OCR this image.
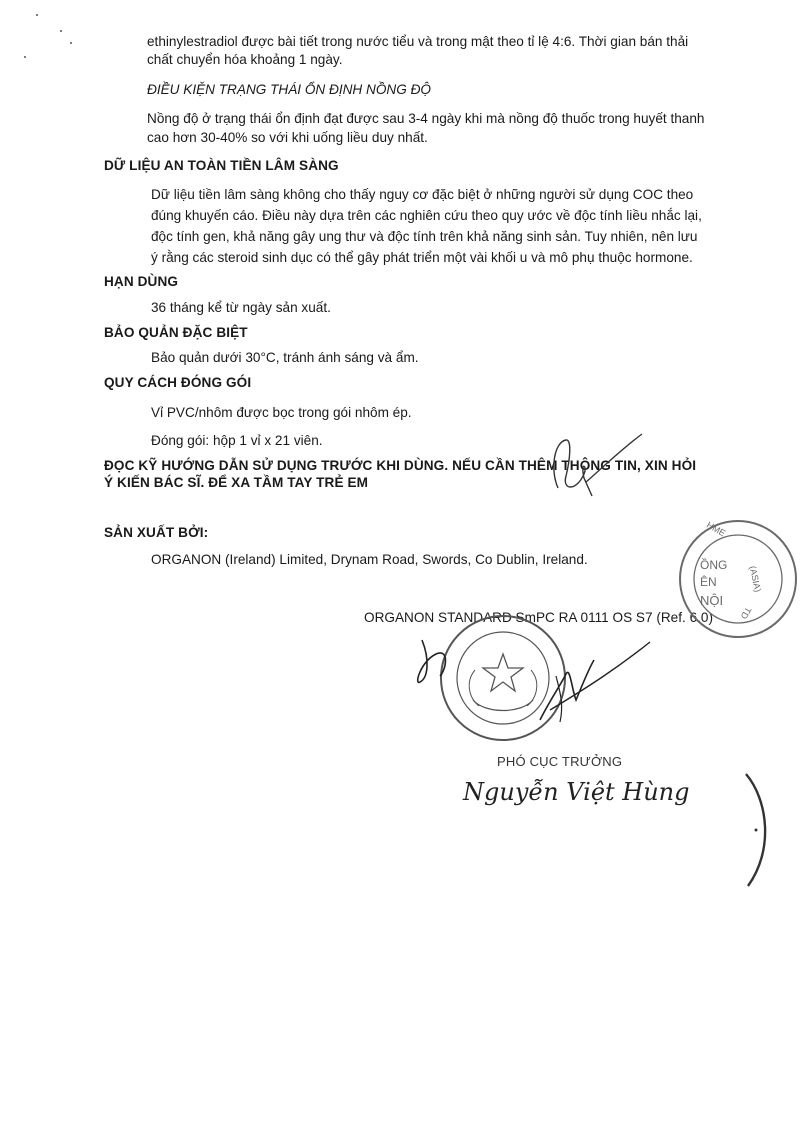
ethinylestradiol được bài tiết trong nước tiểu và trong mật theo tỉ lệ 4:6. Thời gian bán thải
chất chuyển hóa khoảng 1 ngày.
ĐIỀU KIỆN TRẠNG THÁI ỔN ĐỊNH NỒNG ĐỘ
Nồng độ ở trạng thái ổn định đạt được sau 3-4 ngày khi mà nồng độ thuốc trong huyết thanh
cao hơn 30-40% so với khi uống liều duy nhất.
DỮ LIỆU AN TOÀN TIỀN LÂM SÀNG
Dữ liệu tiền lâm sàng không cho thấy nguy cơ đặc biệt ở những người sử dụng COC theo
đúng khuyến cáo. Điều này dựa trên các nghiên cứu theo quy ước về độc tính liều nhắc lại,
độc tính gen, khả năng gây ung thư và độc tính trên khả năng sinh sản. Tuy nhiên, nên lưu
ý rằng các steroid sinh dục có thể gây phát triển một vài khối u và mô phụ thuộc hormone.
HẠN DÙNG
36 tháng kể từ ngày sản xuất.
BẢO QUẢN ĐẶC BIỆT
Bảo quản dưới 30°C, tránh ánh sáng và ẩm.
QUY CÁCH ĐÓNG GÓI
Vỉ PVC/nhôm được bọc trong gói nhôm ép.
Đóng gói: hộp 1 vỉ x 21 viên.
ĐỌC KỸ HƯỚNG DẪN SỬ DỤNG TRƯỚC KHI DÙNG. NẾU CẦN THÊM THÔNG TIN, XIN HỎI
Ý KIẾN BÁC SĨ. ĐỂ XA TẦM TAY TRẺ EM
SẢN XUẤT BỞI:
ORGANON (Ireland) Limited, Drynam Road, Swords, Co Dublin, Ireland.
ORGANON STANDARD SmPC RA 0111 OS S7 (Ref. 6.0)
HME
(ASIA)
ỒNG
ÊN
NỘI
TD
PHÓ CỤC TRƯỞNG
Nguyễn Việt Hùng
